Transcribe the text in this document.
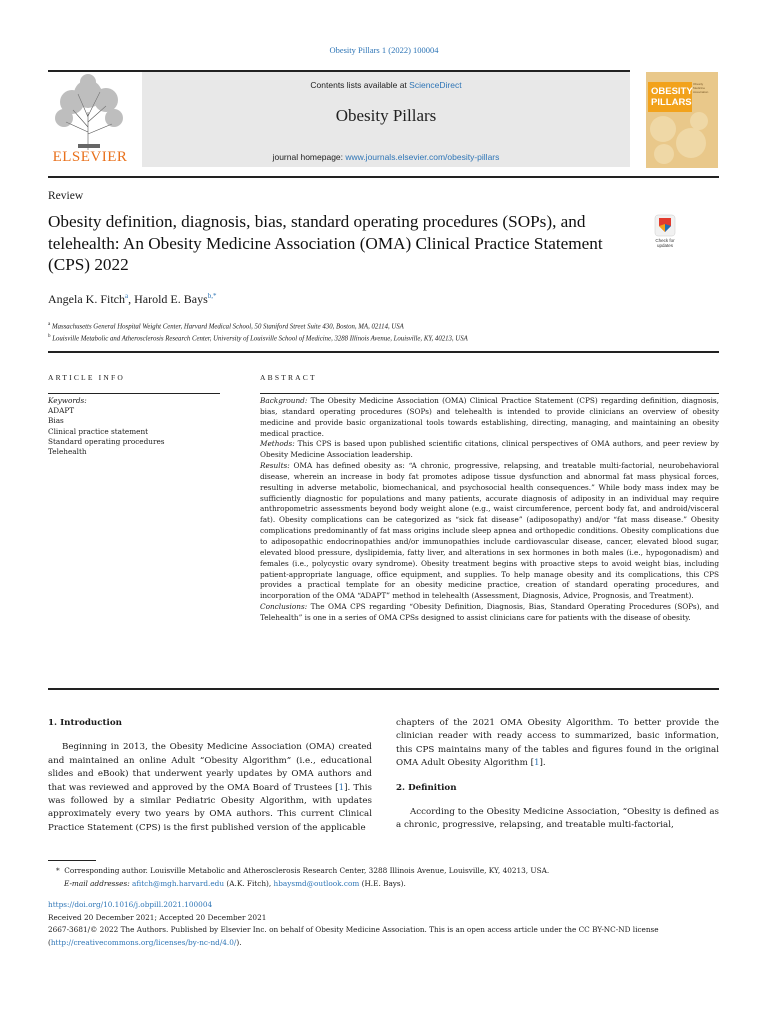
Obesity Pillars 1 (2022) 100004
ELSEVIER
Contents lists available at ScienceDirect
Obesity Pillars
journal homepage: www.journals.elsevier.com/obesity-pillars
OBESITY PILLARS
Obesity Medicine Association
Review
Obesity definition, diagnosis, bias, standard operating procedures (SOPs), and telehealth: An Obesity Medicine Association (OMA) Clinical Practice Statement (CPS) 2022
Check for updates
Angela K. Fitch$^a$, Harold E. Bays$^{b,*}$
$^a$ Massachusetts General Hospital Weight Center, Harvard Medical School, 50 Staniford Street Suite 430, Boston, MA, 02114, USA
$^b$ Louisville Metabolic and Atherosclerosis Research Center, University of Louisville School of Medicine, 3288 Illinois Avenue, Louisville, KY, 40213, USA
ARTICLE INFO
Keywords:
ADAPT
Bias
Clinical practice statement
Standard operating procedures
Telehealth
ABSTRACT
Background: The Obesity Medicine Association (OMA) Clinical Practice Statement (CPS) regarding definition, diagnosis, bias, standard operating procedures (SOPs) and telehealth is intended to provide clinicians an overview of obesity medicine and provide basic organizational tools towards establishing, directing, managing, and maintaining an obesity medical practice.
Methods: This CPS is based upon published scientific citations, clinical perspectives of OMA authors, and peer review by Obesity Medicine Association leadership.
Results: OMA has defined obesity as: “A chronic, progressive, relapsing, and treatable multi-factorial, neurobehavioral disease, wherein an increase in body fat promotes adipose tissue dysfunction and abnormal fat mass physical forces, resulting in adverse metabolic, biomechanical, and psychosocial health consequences.” While body mass index may be sufficiently diagnostic for populations and many patients, accurate diagnosis of adiposity in an individual may require anthropometric assessments beyond body weight alone (e.g., waist circumference, percent body fat, and android/visceral fat). Obesity complications can be categorized as “sick fat disease” (adiposopathy) and/or “fat mass disease.” Obesity complications predominantly of fat mass origins include sleep apnea and orthopedic conditions. Obesity complications due to adiposopathic endocrinopathies and/or immunopathies include cardiovascular disease, cancer, elevated blood sugar, elevated blood pressure, dyslipidemia, fatty liver, and alterations in sex hormones in both males (i.e., hypogonadism) and females (i.e., polycystic ovary syndrome). Obesity treatment begins with proactive steps to avoid weight bias, including patient-appropriate language, office equipment, and supplies. To help manage obesity and its complications, this CPS provides a practical template for an obesity medicine practice, creation of standard operating procedures, and incorporation of the OMA “ADAPT” method in telehealth (Assessment, Diagnosis, Advice, Prognosis, and Treatment).
Conclusions: The OMA CPS regarding “Obesity Definition, Diagnosis, Bias, Standard Operating Procedures (SOPs), and Telehealth” is one in a series of OMA CPSs designed to assist clinicians care for patients with the disease of obesity.
1. Introduction

Beginning in 2013, the Obesity Medicine Association (OMA) created and maintained an online Adult “Obesity Algorithm” (i.e., educational slides and eBook) that underwent yearly updates by OMA authors and that was reviewed and approved by the OMA Board of Trustees [1]. This was followed by a similar Pediatric Obesity Algorithm, with updates approximately every two years by OMA authors. This current Clinical Practice Statement (CPS) is the first published version of the applicable

chapters of the 2021 OMA Obesity Algorithm. To better provide the clinician reader with ready access to summarized, basic information, this CPS maintains many of the tables and figures found in the original OMA Adult Obesity Algorithm [1].

2. Definition

According to the Obesity Medicine Association, “Obesity is defined as a chronic, progressive, relapsing, and treatable multi-factorial,

* Corresponding author. Louisville Metabolic and Atherosclerosis Research Center, 3288 Illinois Avenue, Louisville, KY, 40213, USA.
E-mail addresses: afitch@mgh.harvard.edu (A.K. Fitch), hbaysmd@outlook.com (H.E. Bays).
https://doi.org/10.1016/j.obpill.2021.100004
Received 20 December 2021; Accepted 20 December 2021
2667-3681/© 2022 The Authors. Published by Elsevier Inc. on behalf of Obesity Medicine Association. This is an open access article under the CC BY-NC-ND license
(http://creativecommons.org/licenses/by-nc-nd/4.0/).
